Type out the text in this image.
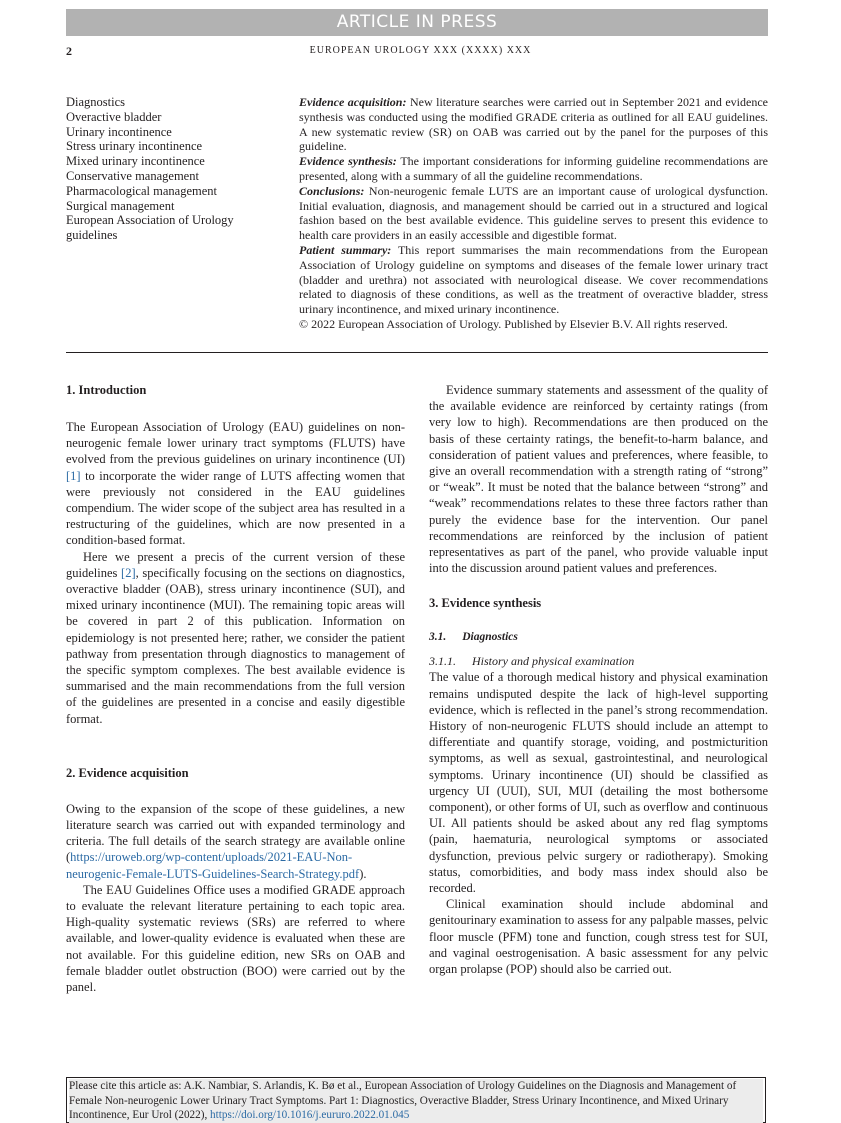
ARTICLE IN PRESS
2	EUROPEAN UROLOGY XXX (XXXX) XXX
Diagnostics
Overactive bladder
Urinary incontinence
Stress urinary incontinence
Mixed urinary incontinence
Conservative management
Pharmacological management
Surgical management
European Association of Urology
guidelines

Evidence acquisition: New literature searches were carried out in September 2021 and evidence synthesis was conducted using the modified GRADE criteria as outlined for all EAU guidelines. A new systematic review (SR) on OAB was carried out by the panel for the purposes of this guideline.

Evidence synthesis: The important considerations for informing guideline recommendations are presented, along with a summary of all the guideline recommendations.

Conclusions: Non-neurogenic female LUTS are an important cause of urological dysfunction. Initial evaluation, diagnosis, and management should be carried out in a structured and logical fashion based on the best available evidence. This guideline serves to present this evidence to health care providers in an easily accessible and digestible format.

Patient summary: This report summarises the main recommendations from the European Association of Urology guideline on symptoms and diseases of the female lower urinary tract (bladder and urethra) not associated with neurological disease. We cover recommendations related to diagnosis of these conditions, as well as the treatment of overactive bladder, stress urinary incontinence, and mixed urinary incontinence.

© 2022 European Association of Urology. Published by Elsevier B.V. All rights reserved.

1. Introduction

The European Association of Urology (EAU) guidelines on non-neurogenic female lower urinary tract symptoms (FLUTS) have evolved from the previous guidelines on urinary incontinence (UI) [1] to incorporate the wider range of LUTS affecting women that were previously not considered in the EAU guidelines compendium. The wider scope of the subject area has resulted in a restructuring of the guidelines, which are now presented in a condition-based format.

Here we present a precis of the current version of these guidelines [2], specifically focusing on the sections on diagnostics, overactive bladder (OAB), stress urinary incontinence (SUI), and mixed urinary incontinence (MUI). The remaining topic areas will be covered in part 2 of this publication. Information on epidemiology is not presented here; rather, we consider the patient pathway from presentation through diagnostics to management of the specific symptom complexes. The best available evidence is summarised and the main recommendations from the full version of the guidelines are presented in a concise and easily digestible format.

2. Evidence acquisition

Owing to the expansion of the scope of these guidelines, a new literature search was carried out with expanded terminology and criteria. The full details of the search strategy are available online (https://uroweb.org/wp-content/uploads/2021-EAU-Non-neurogenic-Female-LUTS-Guidelines-Search-Strategy.pdf).

The EAU Guidelines Office uses a modified GRADE approach to evaluate the relevant literature pertaining to each topic area. High-quality systematic reviews (SRs) are referred to where available, and lower-quality evidence is evaluated when these are not available. For this guideline edition, new SRs on OAB and female bladder outlet obstruction (BOO) were carried out by the panel.

Evidence summary statements and assessment of the quality of the available evidence are reinforced by certainty ratings (from very low to high). Recommendations are then produced on the basis of these certainty ratings, the benefit-to-harm balance, and consideration of patient values and preferences, where feasible, to give an overall recommendation with a strength rating of “strong” or “weak”. It must be noted that the balance between “strong” and “weak” recommendations relates to these three factors rather than purely the evidence base for the intervention. Our panel recommendations are reinforced by the inclusion of patient representatives as part of the panel, who provide valuable input into the discussion around patient values and preferences.

3. Evidence synthesis
3.1. Diagnostics
3.1.1. History and physical examination

The value of a thorough medical history and physical examination remains undisputed despite the lack of high-level supporting evidence, which is reflected in the panel’s strong recommendation. History of non-neurogenic FLUTS should include an attempt to differentiate and quantify storage, voiding, and postmicturition symptoms, as well as sexual, gastrointestinal, and neurological symptoms. Urinary incontinence (UI) should be classified as urgency UI (UUI), SUI, MUI (detailing the most bothersome component), or other forms of UI, such as overflow and continuous UI. All patients should be asked about any red flag symptoms (pain, haematuria, neurological symptoms or associated dysfunction, previous pelvic surgery or radiotherapy). Smoking status, comorbidities, and body mass index should also be recorded.

Clinical examination should include abdominal and genitourinary examination to assess for any palpable masses, pelvic floor muscle (PFM) tone and function, cough stress test for SUI, and vaginal oestrogenisation. A basic assessment for any pelvic organ prolapse (POP) should also be carried out.

Please cite this article as: A.K. Nambiar, S. Arlandis, K. Bø et al., European Association of Urology Guidelines on the Diagnosis and Management of Female Non-neurogenic Lower Urinary Tract Symptoms. Part 1: Diagnostics, Overactive Bladder, Stress Urinary Incontinence, and Mixed Urinary Incontinence, Eur Urol (2022), https://doi.org/10.1016/j.eururo.2022.01.045
